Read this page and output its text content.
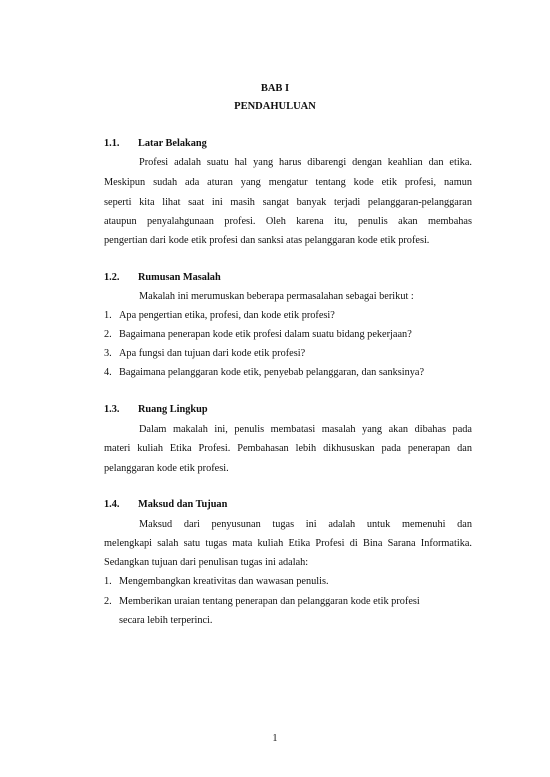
BAB I
PENDAHULUAN
1.1. Latar Belakang
Profesi adalah suatu hal yang harus dibarengi dengan keahlian dan etika.
Meskipun sudah ada aturan yang mengatur tentang kode etik profesi, namun
seperti kita lihat saat ini masih sangat banyak terjadi pelanggaran-pelanggaran
ataupun penyalahgunaan profesi. Oleh karena itu, penulis akan membahas
pengertian dari kode etik profesi dan sanksi atas pelanggaran kode etik profesi.
1.2. Rumusan Masalah
Makalah ini merumuskan beberapa permasalahan sebagai berikut :
1. Apa pengertian etika, profesi, dan kode etik profesi?
2. Bagaimana penerapan kode etik profesi dalam suatu bidang pekerjaan?
3. Apa fungsi dan tujuan dari kode etik profesi?
4. Bagaimana pelanggaran kode etik, penyebab pelanggaran, dan sanksinya?
1.3. Ruang Lingkup
Dalam makalah ini, penulis membatasi masalah yang akan dibahas pada
materi kuliah Etika Profesi. Pembahasan lebih dikhususkan pada penerapan dan
pelanggaran kode etik profesi.
1.4. Maksud dan Tujuan
Maksud dari penyusunan tugas ini adalah untuk memenuhi dan
melengkapi salah satu tugas mata kuliah Etika Profesi di Bina Sarana Informatika.
Sedangkan tujuan dari penulisan tugas ini adalah:
1. Mengembangkan kreativitas dan wawasan penulis.
2. Memberikan uraian tentang penerapan dan pelanggaran kode etik profesi
secara lebih terperinci.
1
